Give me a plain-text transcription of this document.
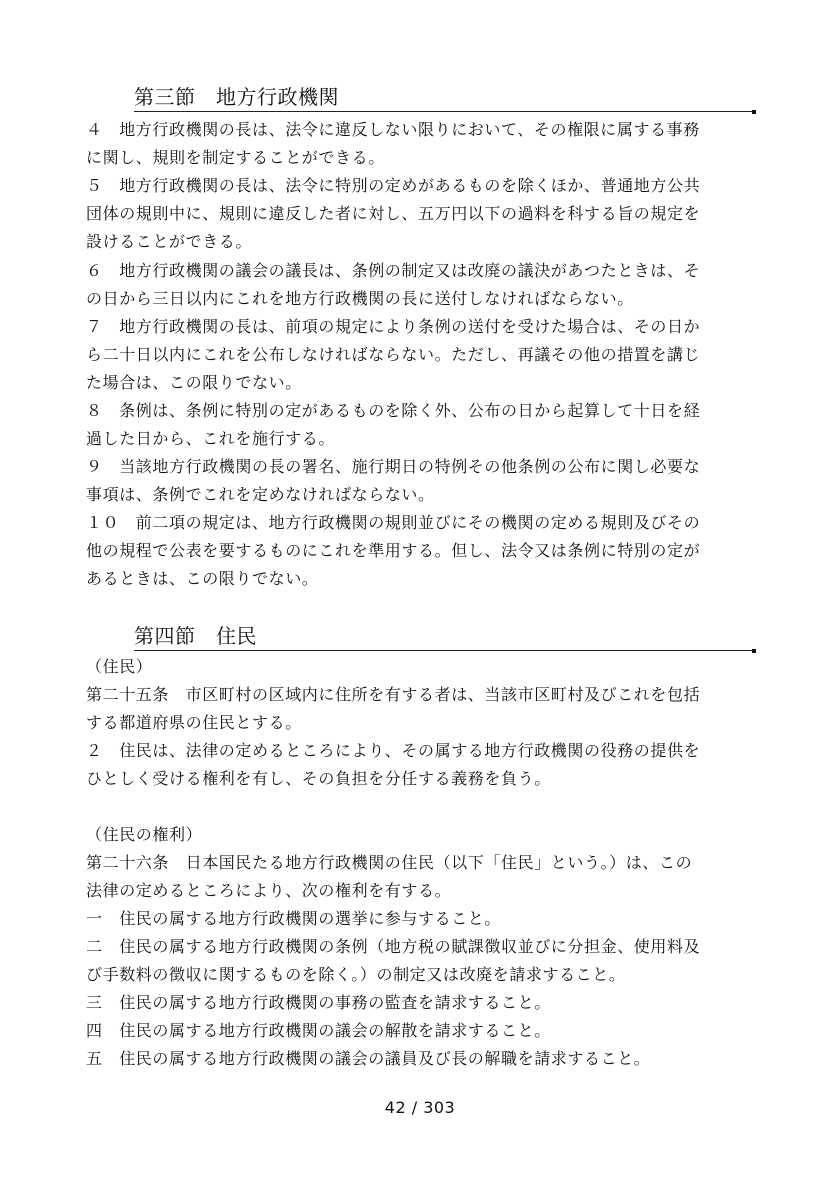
第三節　地方行政機関
４　地方行政機関の長は、法令に違反しない限りにおいて、その権限に属する事務
に関し、規則を制定することができる。
５　地方行政機関の長は、法令に特別の定めがあるものを除くほか、普通地方公共
団体の規則中に、規則に違反した者に対し、五万円以下の過料を科する旨の規定を
設けることができる。
６　地方行政機関の議会の議長は、条例の制定又は改廃の議決があつたときは、そ
の日から三日以内にこれを地方行政機関の長に送付しなければならない。
７　地方行政機関の長は、前項の規定により条例の送付を受けた場合は、その日か
ら二十日以内にこれを公布しなければならない。ただし、再議その他の措置を講じ
た場合は、この限りでない。
８　条例は、条例に特別の定があるものを除く外、公布の日から起算して十日を経
過した日から、これを施行する。
９　当該地方行政機関の長の署名、施行期日の特例その他条例の公布に関し必要な
事項は、条例でこれを定めなければならない。
１０　前二項の規定は、地方行政機関の規則並びにその機関の定める規則及びその
他の規程で公表を要するものにこれを準用する。但し、法令又は条例に特別の定が
あるときは、この限りでない。
第四節　住民
（住民）
第二十五条　市区町村の区域内に住所を有する者は、当該市区町村及びこれを包括
する都道府県の住民とする。
２　住民は、法律の定めるところにより、その属する地方行政機関の役務の提供を
ひとしく受ける権利を有し、その負担を分任する義務を負う。
（住民の権利）
第二十六条　日本国民たる地方行政機関の住民（以下「住民」という。）は、この
法律の定めるところにより、次の権利を有する。
一　住民の属する地方行政機関の選挙に参与すること。
二　住民の属する地方行政機関の条例（地方税の賦課徴収並びに分担金、使用料及
び手数料の徴収に関するものを除く。）の制定又は改廃を請求すること。
三　住民の属する地方行政機関の事務の監査を請求すること。
四　住民の属する地方行政機関の議会の解散を請求すること。
五　住民の属する地方行政機関の議会の議員及び長の解職を請求すること。
42 / 303
